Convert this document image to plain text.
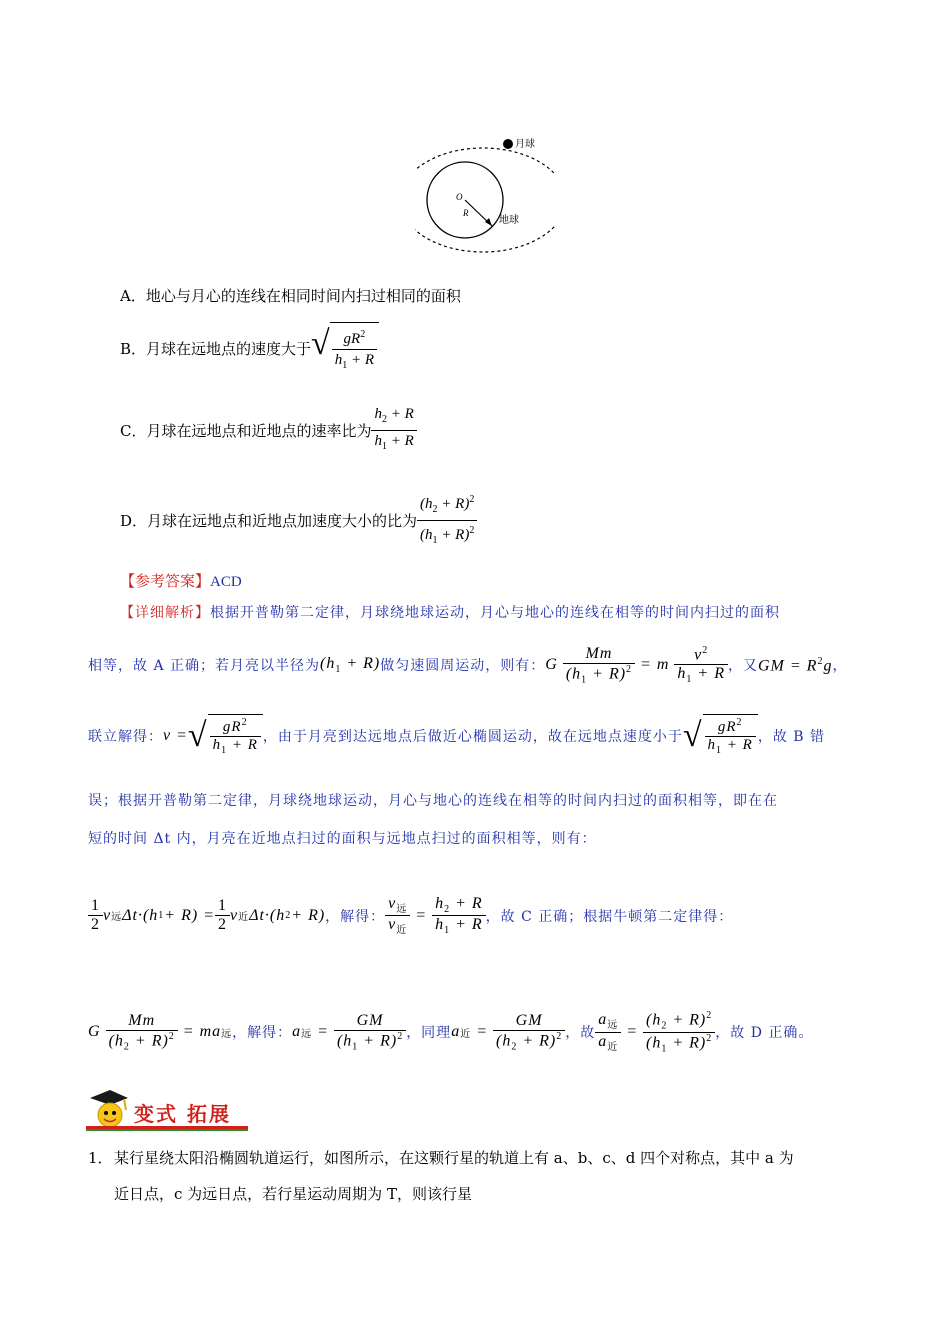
月球
O
R
地球
A．地心与月心的连线在相同时间内扫过相同的面积
B．月球在远地点的速度大于 √ $\frac{gR^2}{h_1 + R}$
C．月球在远地点和近地点的速率比为 $\frac{h_2 + R}{h_1 + R}$
D．月球在远地点和近地点加速度大小的比为 $\frac{(h_2 + R)^2}{(h_1 + R)^2}$
【参考答案】ACD
【详细解析】根据开普勒第二定律，月球绕地球运动，月心与地心的连线在相等的时间内扫过的面积
相等，故 A 正确；若月亮以半径为 $(h_1 + R)$ 做匀速圆周运动，则有： G $\frac{Mm}{(h_1 + R)^2} = m \frac{v^2}{h_1 + R}$ ，又 GM = $R^2g$ ，
联立解得： v = √ $\frac{gR^2}{h_1 + R}$ ，由于月亮到达远地点后做近心椭圆运动，故在远地点速度小于 √ $\frac{gR^2}{h_1 + R}$ ，故 B 错
误；根据开普勒第二定律，月球绕地球运动，月心与地心的连线在相等的时间内扫过的面积相等，即在在
短的时间 Δt 内，月亮在近地点扫过的面积与远地点扫过的面积相等，则有：
$\frac{1}{2}$ v 远 Δt·(h $1 + R) = \frac{1}{2}$ v 近 Δt·(h 2 + R) ，解得： $\frac{v_远}{v_近} = \frac{h_2 + R}{h_1 + R}$ ，故 C 正确；根据牛顿第二定律得：
G $\frac{Mm}{(h_2 + R)^2}$ = ma 远 ，解得： a 远 = $\frac{GM}{(h_1 + R)^2}$ ，同理 a 近 = $\frac{GM}{(h_2 + R)^2}$ ，故 $\frac{a_远}{a_近} = \frac{(h_2 + R)^2}{(h_1 + R)^2}$ ，故 D 正确。
变式 拓展
1． 某行星绕太阳沿椭圆轨道运行，如图所示，在这颗行星的轨道上有 a、b、c、d 四个对称点，其中 a 为
近日点，c 为远日点，若行星运动周期为 T，则该行星
